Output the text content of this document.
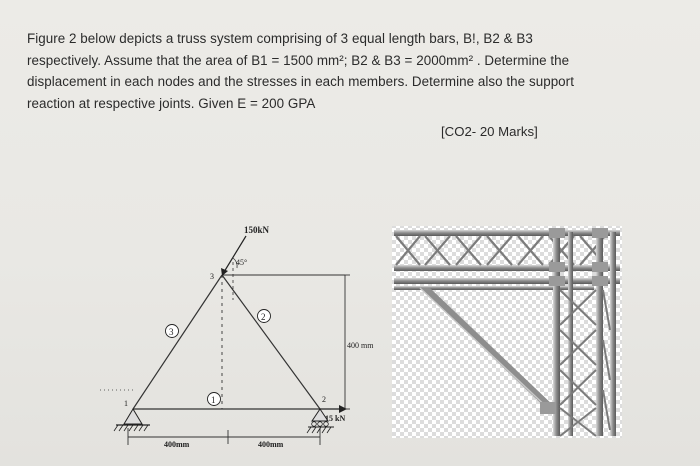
Figure 2 below depicts a truss system comprising of 3 equal length bars, B!, B2 & B3

respectively. Assume that the area of B1 = 1500 mm²; B2 & B3 = 2000mm² . Determine the

displacement in each nodes and the stresses in each members. Determine also the support

reaction at respective joints. Given E = 200 GPA

[CO2- 20 Marks]
3
2
1
1	2
3
150kN
45°
400 mm
15 kN
400mm	400mm
